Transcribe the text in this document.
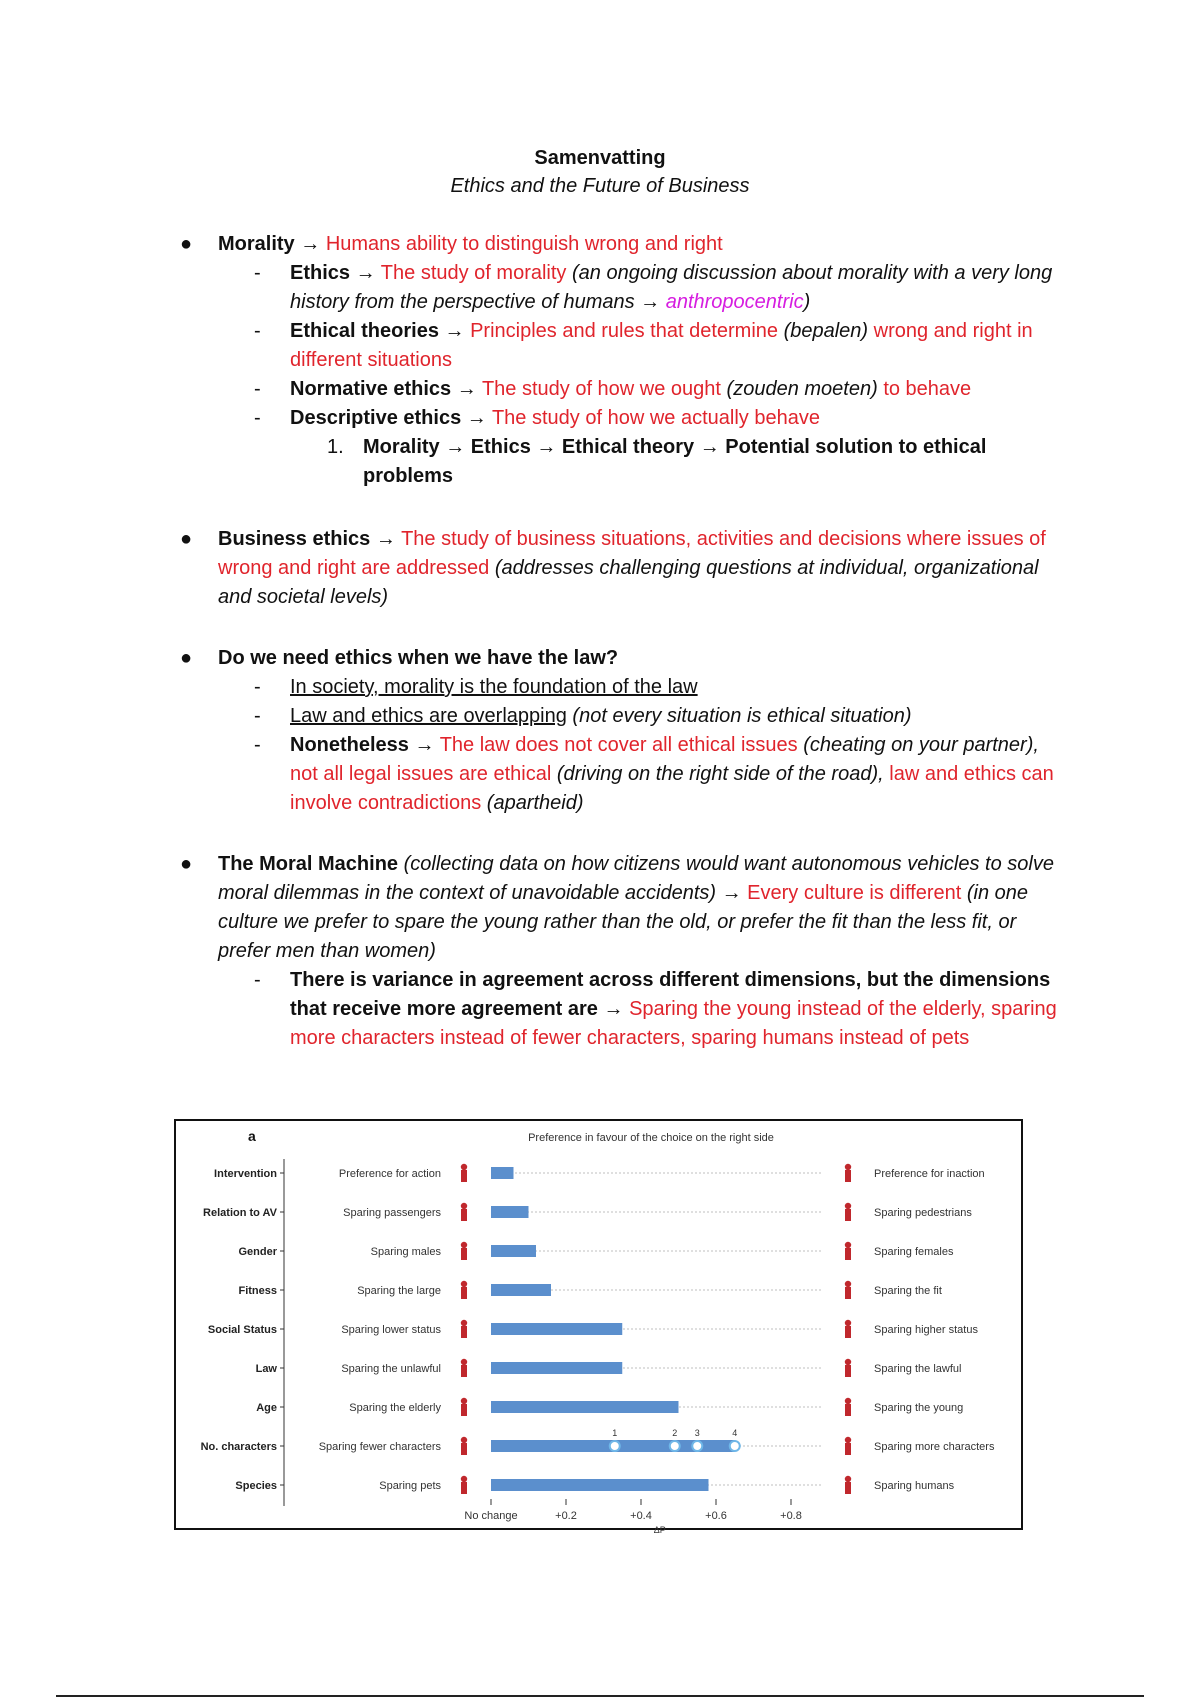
Samenvatting
Ethics and the Future of Business
● Morality → Humans ability to distinguish wrong and right
- Ethics → The study of morality (an ongoing discussion about morality with a very long history from the perspective of humans → anthropocentric)
- Ethical theories → Principles and rules that determine (bepalen) wrong and right in different situations
- Normative ethics → The study of how we ought (zouden moeten) to behave
- Descriptive ethics → The study of how we actually behave
1. Morality → Ethics → Ethical theory → Potential solution to ethical problems
● Business ethics → The study of business situations, activities and decisions where issues of wrong and right are addressed (addresses challenging questions at individual, organizational and societal levels)
● Do we need ethics when we have the law?
- In society, morality is the foundation of the law
- Law and ethics are overlapping (not every situation is ethical situation)
- Nonetheless → The law does not cover all ethical issues (cheating on your partner), not all legal issues are ethical (driving on the right side of the road), law and ethics can involve contradictions (apartheid)
● The Moral Machine (collecting data on how citizens would want autonomous vehicles to solve moral dilemmas in the context of unavoidable accidents) → Every culture is different (in one culture we prefer to spare the young rather than the old, or prefer the fit than the less fit, or prefer men than women)
- There is variance in agreement across different dimensions, but the dimensions that receive more agreement are → Sparing the young instead of the elderly, sparing more characters instead of fewer characters, sparing humans instead of pets
a	Preference in favour of the choice on the right side
Intervention	Preference for action	Preference for inaction
Relation to AV	Sparing passengers	Sparing pedestrians
Gender	Sparing males	Sparing females
Fitness	Sparing the large	Sparing the fit
Social Status	Sparing lower status	Sparing higher status
Law	Sparing the unlawful	Sparing the lawful
Age	Sparing the elderly	Sparing the young
No. characters	Sparing fewer characters	Sparing more characters
Species	Sparing pets	Sparing humans
1	2 3	4
No change	+0.2	+0.4	+0.6	+0.8
ΔP
